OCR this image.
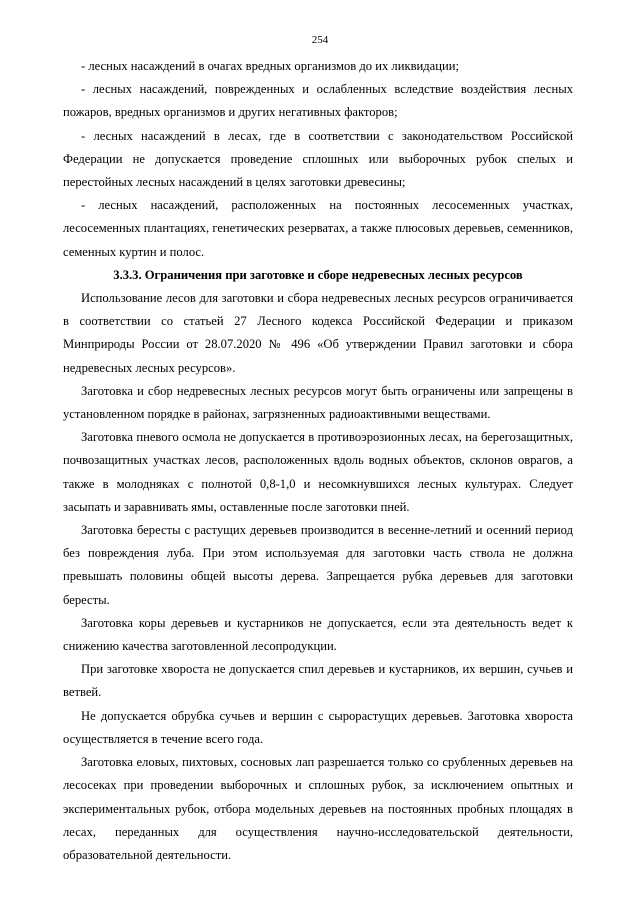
254

- лесных насаждений в очагах вредных организмов до их ликвидации;

- лесных насаждений, поврежденных и ослабленных вследствие воздействия лесных пожаров, вредных организмов и других негативных факторов;

- лесных насаждений в лесах, где в соответствии с законодательством Российской Федерации не допускается проведение сплошных или выборочных рубок спелых и перестойных лесных насаждений в целях заготовки древесины;

- лесных насаждений, расположенных на постоянных лесосеменных участках, лесосеменных плантациях, генетических резерватах, а также плюсовых деревьев, семенников, семенных куртин и полос.

3.3.3. Ограничения при заготовке и сборе недревесных лесных ресурсов

Использование лесов для заготовки и сбора недревесных лесных ресурсов ограничивается в соответствии со статьей 27 Лесного кодекса Российской Федерации и приказом Минприроды России от 28.07.2020 № 496 «Об утверждении Правил заготовки и сбора недревесных лесных ресурсов».

Заготовка и сбор недревесных лесных ресурсов могут быть ограничены или запрещены в установленном порядке в районах, загрязненных радиоактивными веществами.

Заготовка пневого осмола не допускается в противоэрозионных лесах, на берегозащитных, почвозащитных участках лесов, расположенных вдоль водных объектов, склонов оврагов, а также в молодняках с полнотой 0,8-1,0 и несомкнувшихся лесных культурах. Следует засыпать и заравнивать ямы, оставленные после заготовки пней.

Заготовка бересты с растущих деревьев производится в весенне-летний и осенний период без повреждения луба. При этом используемая для заготовки часть ствола не должна превышать половины общей высоты дерева. Запрещается рубка деревьев для заготовки бересты.

Заготовка коры деревьев и кустарников не допускается, если эта деятельность ведет к снижению качества заготовленной лесопродукции.

При заготовке хвороста не допускается спил деревьев и кустарников, их вершин, сучьев и ветвей.

Не допускается обрубка сучьев и вершин с сырорастущих деревьев. Заготовка хвороста осуществляется в течение всего года.

Заготовка еловых, пихтовых, сосновых лап разрешается только со срубленных деревьев на лесосеках при проведении выборочных и сплошных рубок, за исключением опытных и экспериментальных рубок, отбора модельных деревьев на постоянных пробных площадях в лесах, переданных для осуществления научно-исследовательской деятельности, образовательной деятельности.
